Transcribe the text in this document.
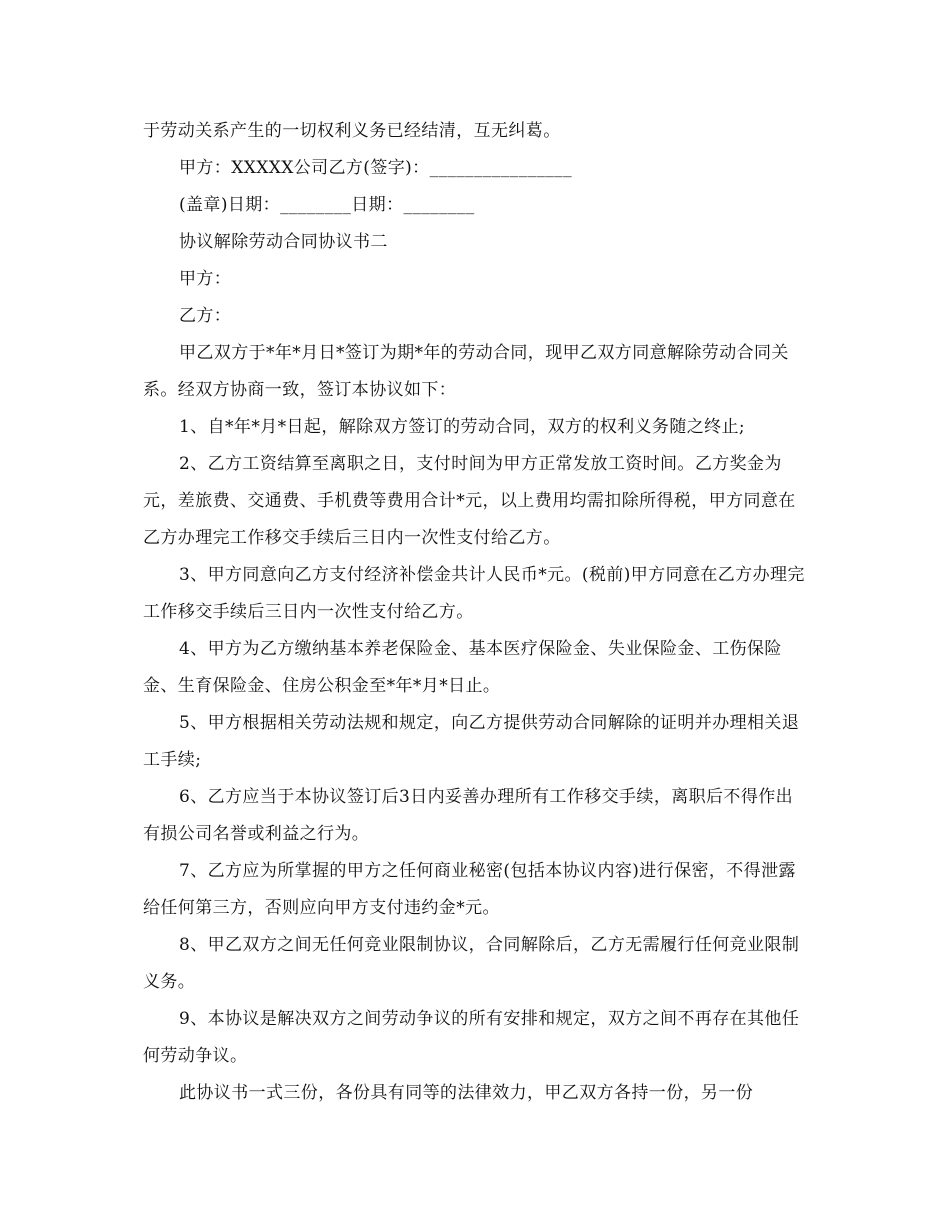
于劳动关系产生的一切权利义务已经结清，互无纠葛。

甲方：XXXXX公司乙方(签字)：________________

(盖章)日期：________日期：________

协议解除劳动合同协议书二

甲方：

乙方：

甲乙双方于*年*月日*签订为期*年的劳动合同，现甲乙双方同意解除劳动合同关系。经双方协商一致，签订本协议如下：

1、自*年*月*日起，解除双方签订的劳动合同，双方的权利义务随之终止;

2、乙方工资结算至离职之日，支付时间为甲方正常发放工资时间。乙方奖金为元，差旅费、交通费、手机费等费用合计*元，以上费用均需扣除所得税，甲方同意在乙方办理完工作移交手续后三日内一次性支付给乙方。

3、甲方同意向乙方支付经济补偿金共计人民币*元。(税前)甲方同意在乙方办理完工作移交手续后三日内一次性支付给乙方。

4、甲方为乙方缴纳基本养老保险金、基本医疗保险金、失业保险金、工伤保险金、生育保险金、住房公积金至*年*月*日止。

5、甲方根据相关劳动法规和规定，向乙方提供劳动合同解除的证明并办理相关退工手续;

6、乙方应当于本协议签订后3日内妥善办理所有工作移交手续，离职后不得作出有损公司名誉或利益之行为。

7、乙方应为所掌握的甲方之任何商业秘密(包括本协议内容)进行保密，不得泄露给任何第三方，否则应向甲方支付违约金*元。

8、甲乙双方之间无任何竞业限制协议，合同解除后，乙方无需履行任何竞业限制义务。

9、本协议是解决双方之间劳动争议的所有安排和规定，双方之间不再存在其他任何劳动争议。

此协议书一式三份，各份具有同等的法律效力，甲乙双方各持一份，另一份
